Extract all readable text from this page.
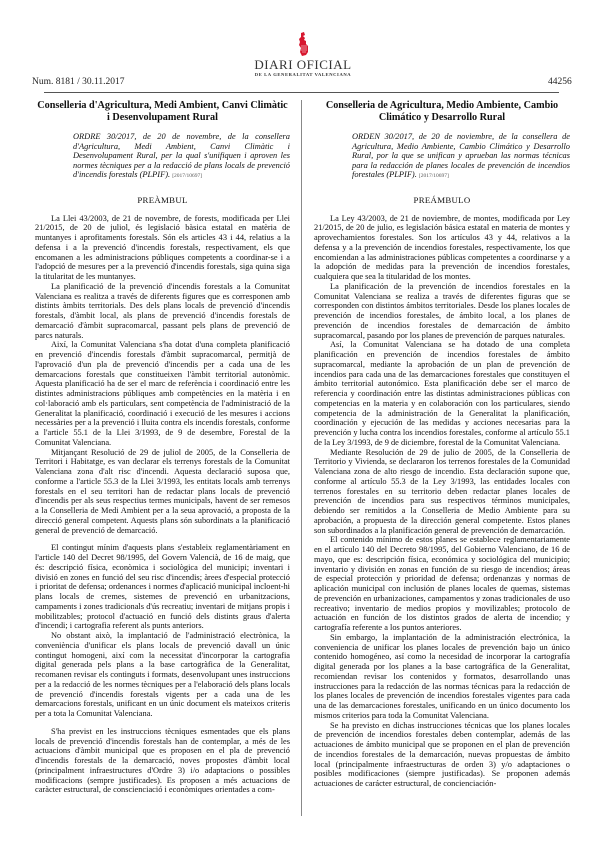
Num. 8181 / 30.11.2017
DIARI OFICIAL
DE LA GENERALITAT VALENCIANA
44256
Conselleria d'Agricultura, Medi Ambient, Canvi Climàtic i Desenvolupament Rural
ORDRE 30/2017, de 20 de novembre, de la consellera d'Agricultura, Medi Ambient, Canvi Climàtic i Desenvolupament Rural, per la qual s'unifiquen i aproven les normes tècniques per a la redacció de plans locals de prevenció d'incendis forestals (PLPIF). [2017/10697]
PREÀMBUL

La Llei 43/2003, de 21 de novembre, de forests, modificada per Llei 21/2015, de 20 de juliol, és legislació bàsica estatal en matèria de muntanyes i aprofitaments forestals. Són els articles 43 i 44, relatius a la defensa i a la prevenció d'incendis forestals, respectivament, els que encomanen a les administracions públiques competents a coordinar-se i a l'adopció de mesures per a la prevenció d'incendis forestals, siga quina siga la titularitat de les muntanyes.

La planificació de la prevenció d'incendis forestals a la Comunitat Valenciana es realitza a través de diferents figures que es corresponen amb distints àmbits territorials. Des dels plans locals de prevenció d'incendis forestals, d'àmbit local, als plans de prevenció d'incendis forestals de demarcació d'àmbit supracomarcal, passant pels plans de prevenció de parcs naturals.

Així, la Comunitat Valenciana s'ha dotat d'una completa planificació en prevenció d'incendis forestals d'àmbit supracomarcal, permitjà de l'aprovació d'un pla de prevenció d'incendis per a cada una de les demarcacions forestals que constitueixen l'àmbit territorial autonòmic. Aquesta planificació ha de ser el marc de referència i coordinació entre les distintes administracions públiques amb competències en la matèria i en col·laboració amb els particulars, sent competència de l'administració de la Generalitat la planificació, coordinació i execució de les mesures i accions necessàries per a la prevenció i lluita contra els incendis forestals, conforme a l'article 55.1 de la Llei 3/1993, de 9 de desembre, Forestal de la Comunitat Valenciana.

Mitjançant Resolució de 29 de juliol de 2005, de la Conselleria de Territori i Habitatge, es van declarar els terrenys forestals de la Comunitat Valenciana zona d'alt risc d'incendi. Aquesta declaració suposa que, conforme a l'article 55.3 de la Llei 3/1993, les entitats locals amb terrenys forestals en el seu territori han de redactar plans locals de prevenció d'incendis per als seus respectius termes municipals, havent de ser remesos a la Conselleria de Medi Ambient per a la seua aprovació, a proposta de la direcció general competent. Aquests plans són subordinats a la planificació general de prevenció de demarcació.

El contingut mínim d'aquests plans s'estableix reglamentàriament en l'article 140 del Decret 98/1995, del Govern Valencià, de 16 de maig, que és: descripció física, econòmica i sociològica del municipi; inventari i divisió en zones en funció del seu risc d'incendis; àrees d'especial protecció i prioritat de defensa; ordenances i normes d'aplicació municipal incloent-hi plans locals de cremes, sistemes de prevenció en urbanitzacions, campaments i zones tradicionals d'ús recreatiu; inventari de mitjans propis i mobilitzables; protocol d'actuació en funció dels distints graus d'alerta d'incendi; i cartografia referent als punts anteriors.

No obstant això, la implantació de l'administració electrònica, la conveniència d'unificar els plans locals de prevenció davall un únic contingut homogeni, així com la necessitat d'incorporar la cartografia digital generada pels plans a la base cartogràfica de la Generalitat, recomanen revisar els continguts i formats, desenvolupant unes instruccions per a la redacció de les normes tècniques per a l'elaboració dels plans locals de prevenció d'incendis forestals vigents per a cada una de les demarcacions forestals, unificant en un únic document els mateixos criteris per a tota la Comunitat Valenciana.

S'ha previst en les instruccions tècniques esmentades que els plans locals de prevenció d'incendis forestals han de contemplar, a més de les actuacions d'àmbit municipal que es proposen en el pla de prevenció d'incendis forestals de la demarcació, noves propostes d'àmbit local (principalment infraestructures d'Ordre 3) i/o adaptacions o possibles modificacions (sempre justificades). Es proposen a més actuacions de caràcter estructural, de conscienciació i econòmiques orientades a com-

Conselleria de Agricultura, Medio Ambiente, Cambio Climático y Desarrollo Rural
ORDEN 30/2017, de 20 de noviembre, de la consellera de Agricultura, Medio Ambiente, Cambio Climático y Desarrollo Rural, por la que se unifican y aprueban las normas técnicas para la redacción de planes locales de prevención de incendios forestales (PLPIF). [2017/10697]
PREÁMBULO

La Ley 43/2003, de 21 de noviembre, de montes, modificada por Ley 21/2015, de 20 de julio, es legislación básica estatal en materia de montes y aprovechamientos forestales. Son los artículos 43 y 44, relativos a la defensa y a la prevención de incendios forestales, respectivamente, los que encomiendan a las administraciones públicas competentes a coordinarse y a la adopción de medidas para la prevención de incendios forestales, cualquiera que sea la titularidad de los montes.

La planificación de la prevención de incendios forestales en la Comunitat Valenciana se realiza a través de diferentes figuras que se corresponden con distintos ámbitos territoriales. Desde los planes locales de prevención de incendios forestales, de ámbito local, a los planes de prevención de incendios forestales de demarcación de ámbito supracomarcal, pasando por los planes de prevención de parques naturales.

Así, la Comunitat Valenciana se ha dotado de una completa planificación en prevención de incendios forestales de ámbito supracomarcal, mediante la aprobación de un plan de prevención de incendios para cada una de las demarcaciones forestales que constituyen el ámbito territorial autonómico. Esta planificación debe ser el marco de referencia y coordinación entre las distintas administraciones públicas con competencias en la materia y en colaboración con los particulares, siendo competencia de la administración de la Generalitat la planificación, coordinación y ejecución de las medidas y acciones necesarias para la prevención y lucha contra los incendios forestales, conforme al artículo 55.1 de la Ley 3/1993, de 9 de diciembre, forestal de la Comunitat Valenciana.

Mediante Resolución de 29 de julio de 2005, de la Conselleria de Territorio y Vivienda, se declararon los terrenos forestales de la Comunidad Valenciana zona de alto riesgo de incendio. Esta declaración supone que, conforme al artículo 55.3 de la Ley 3/1993, las entidades locales con terrenos forestales en su territorio deben redactar planes locales de prevención de incendios para sus respectivos términos municipales, debiendo ser remitidos a la Conselleria de Medio Ambiente para su aprobación, a propuesta de la dirección general competente. Estos planes son subordinados a la planificación general de prevención de demarcación.

El contenido mínimo de estos planes se establece reglamentariamente en el artículo 140 del Decreto 98/1995, del Gobierno Valenciano, de 16 de mayo, que es: descripción física, económica y sociológica del municipio; inventario y división en zonas en función de su riesgo de incendios; áreas de especial protección y prioridad de defensa; ordenanzas y normas de aplicación municipal con inclusión de planes locales de quemas, sistemas de prevención en urbanizaciones, campamentos y zonas tradicionales de uso recreativo; inventario de medios propios y movilizables; protocolo de actuación en función de los distintos grados de alerta de incendio; y cartografía referente a los puntos anteriores.

Sin embargo, la implantación de la administración electrónica, la conveniencia de unificar los planes locales de prevención bajo un único contenido homogéneo, así como la necesidad de incorporar la cartografía digital generada por los planes a la base cartográfica de la Generalitat, recomiendan revisar los contenidos y formatos, desarrollando unas instrucciones para la redacción de las normas técnicas para la redacción de los planes locales de prevención de incendios forestales vigentes para cada una de las demarcaciones forestales, unificando en un único documento los mismos criterios para toda la Comunitat Valenciana.

Se ha previsto en dichas instrucciones técnicas que los planes locales de prevención de incendios forestales deben contemplar, además de las actuaciones de ámbito municipal que se proponen en el plan de prevención de incendios forestales de la demarcación, nuevas propuestas de ámbito local (principalmente infraestructuras de orden 3) y/o adaptaciones o posibles modificaciones (siempre justificadas). Se proponen además actuaciones de carácter estructural, de concienciación-
